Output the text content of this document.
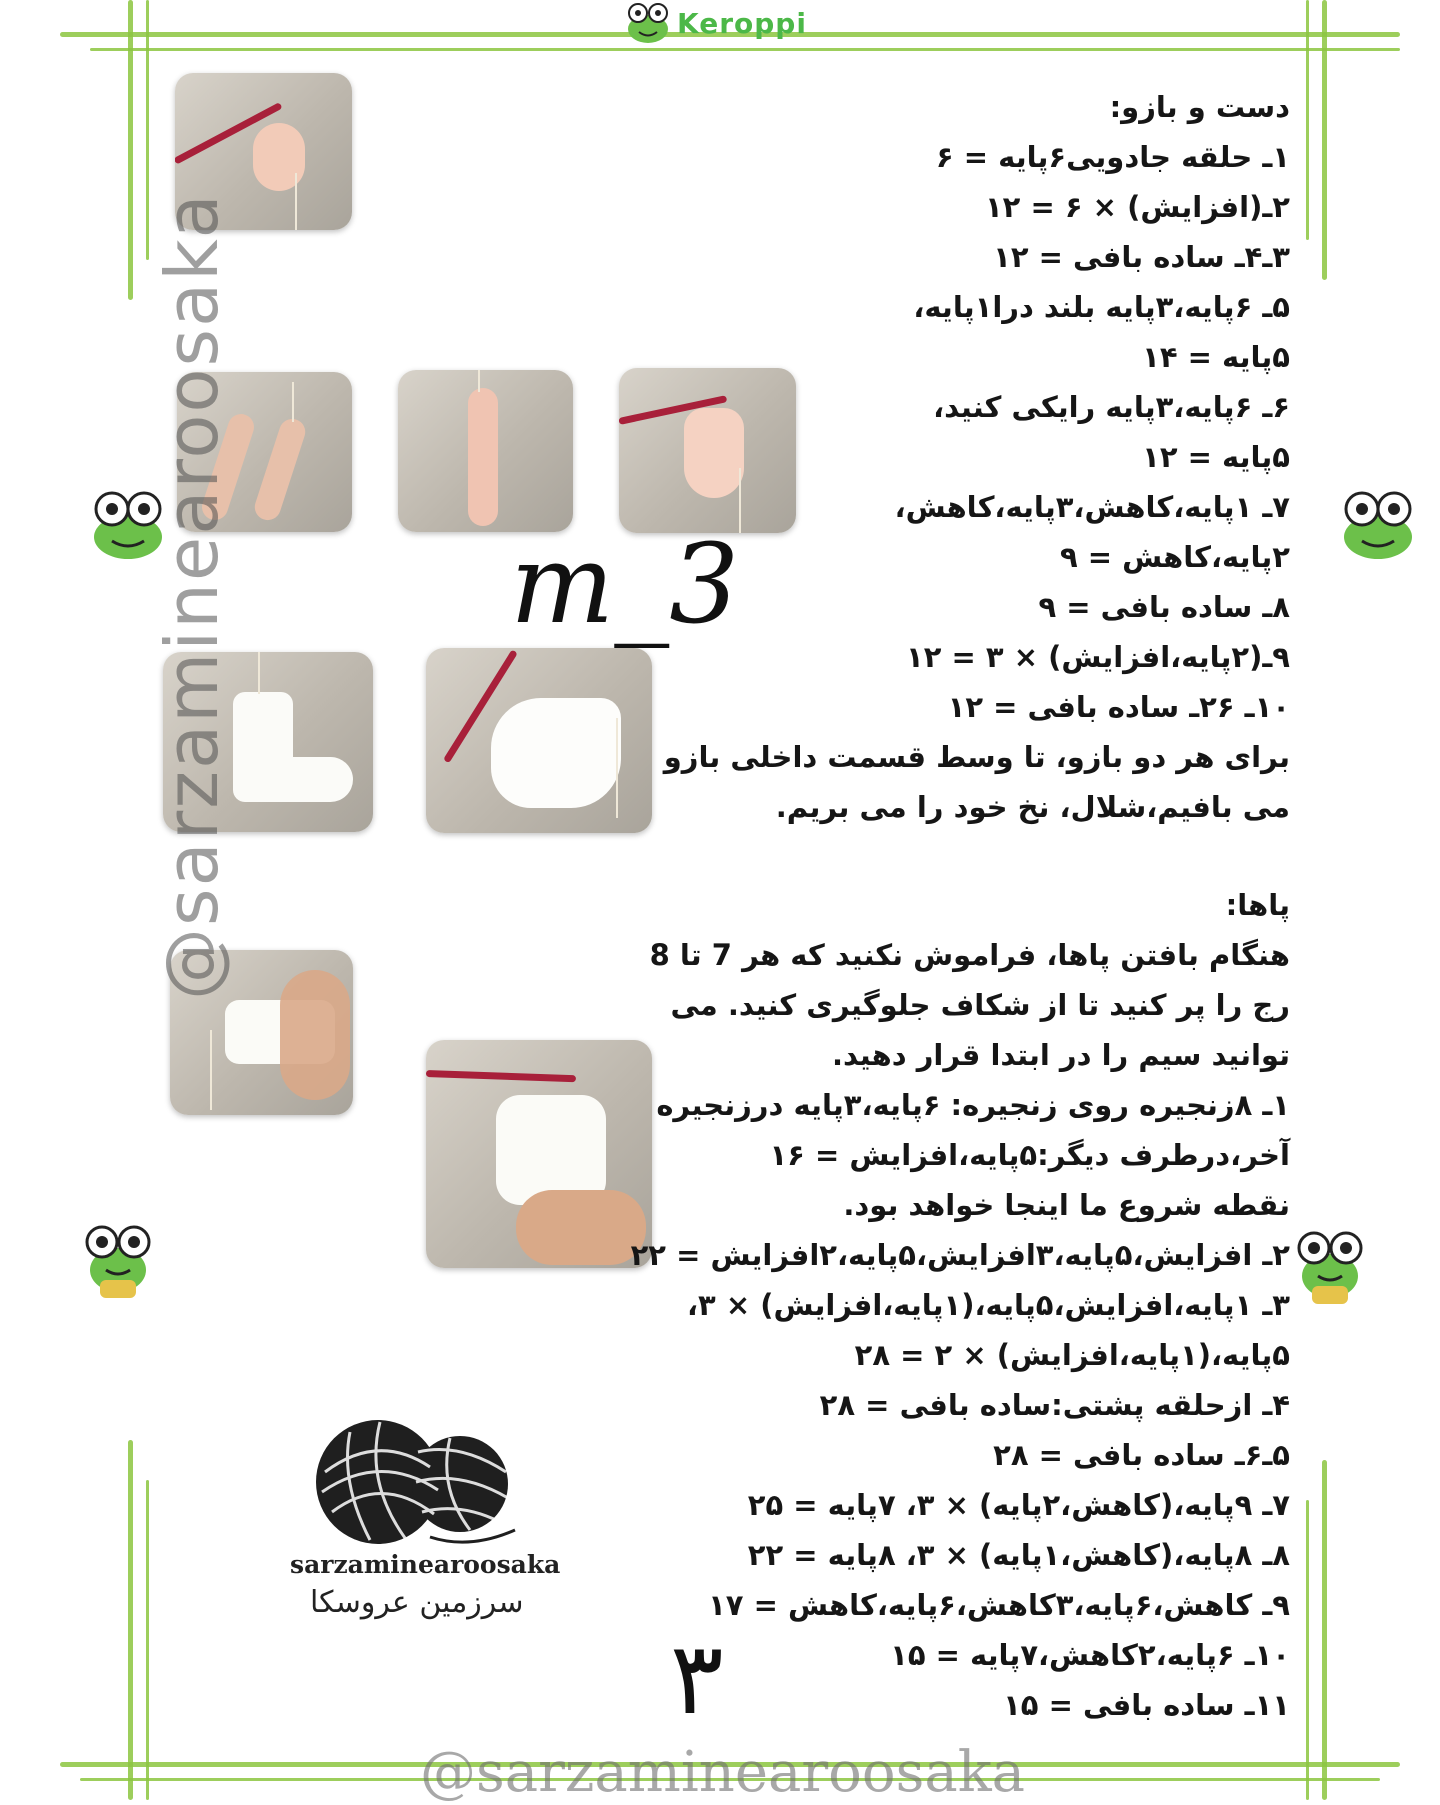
Keroppi
@sarzaminearoosaka	m_3
دست و بازو:
۱ـ حلقه جادویی۶پایه = ۶
۲ـ(افزایش) × ۶ = ۱۲
۳ـ۴ـ ساده بافی = ۱۲
۵ـ ۶پایه،۳پایه بلند درا۱پایه،
۵پایه = ۱۴
۶ـ ۶پایه،۳پایه رایکی کنید،
۵پایه = ۱۲
۷ـ ۱پایه،کاهش،۳پایه،کاهش،
۲پایه،کاهش = ۹
۸ـ ساده بافی = ۹
۹ـ(۲پایه،افزایش) × ۳ = ۱۲
۱۰ـ ۲۶ـ ساده بافی = ۱۲
برای هر دو بازو، تا وسط قسمت داخلی بازو
می بافیم،شلال، نخ خود را می بریم.
پاها:
هنگام بافتن پاها، فراموش نکنید که هر 7 تا 8
رج را پر کنید تا از شکاف جلوگیری کنید. می
توانید سیم را در ابتدا قرار دهید.
۱ـ ۸زنجیره روی زنجیره: ۶پایه،۳پایه درزنجیره
آخر،درطرف دیگر:۵پایه،افزایش = ۱۶
نقطه شروع ما اینجا خواهد بود.
۲ـ افزایش،۵پایه،۳افزایش،۵پایه،۲افزایش = ۲۲
۳ـ ۱پایه،افزایش،۵پایه،(۱پایه،افزایش) × ۳،
۵پایه،(۱پایه،افزایش) × ۲ = ۲۸
۴ـ ازحلقه پشتی:ساده بافی = ۲۸
۵ـ۶ـ ساده بافی = ۲۸
۷ـ ۹پایه،(کاهش،۲پایه) × ۳، ۷پایه = ۲۵
۸ـ ۸پایه،(کاهش،۱پایه) × ۳، ۸پایه = ۲۲
۹ـ کاهش،۶پایه،۳کاهش،۶پایه،کاهش = ۱۷
۱۰ـ ۶پایه،۲کاهش،۷پایه = ۱۵
۱۱ـ ساده بافی = ۱۵
sarzaminearoosaka
سرزمین عروسکا
۳
@sarzaminearoosaka
